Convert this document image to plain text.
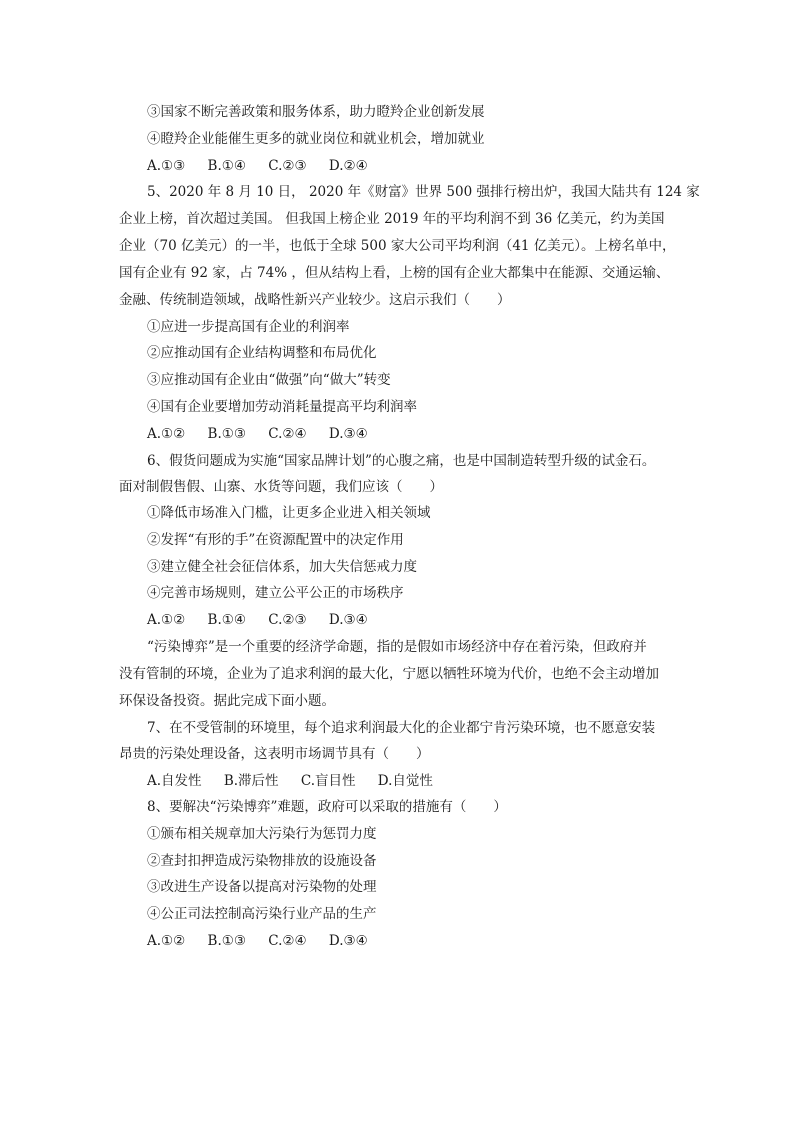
③国家不断完善政策和服务体系，助力瞪羚企业创新发展
④瞪羚企业能催生更多的就业岗位和就业机会，增加就业
A.①③ B.①④ C.②③ D.②④
5、2020 年 8 月 10 日， 2020 年《财富》世界 500 强排行榜出炉，我国大陆共有 124 家
企业上榜，首次超过美国。 但我国上榜企业 2019 年的平均利润不到 36 亿美元，约为美国
企业（70 亿美元）的一半，也低于全球 500 家大公司平均利润（41 亿美元）。上榜名单中，
国有企业有 92 家，占 74% ，但从结构上看，上榜的国有企业大都集中在能源、交通运输、
金融、传统制造领域，战略性新兴产业较少。这启示我们（　　）
①应进一步提高国有企业的利润率
②应推动国有企业结构调整和布局优化
③应推动国有企业由“做强”向“做大”转变
④国有企业要增加劳动消耗量提高平均利润率
A.①② B.①③ C.②④ D.③④
6、假货问题成为实施“国家品牌计划”的心腹之痛，也是中国制造转型升级的试金石。
面对制假售假、山寨、水货等问题，我们应该（　　）
①降低市场准入门槛，让更多企业进入相关领域
②发挥“有形的手”在资源配置中的决定作用
③建立健全社会征信体系，加大失信惩戒力度
④完善市场规则，建立公平公正的市场秩序
A.①② B.①④ C.②③ D.③④
“污染博弈”是一个重要的经济学命题，指的是假如市场经济中存在着污染，但政府并
没有管制的环境，企业为了追求利润的最大化，宁愿以牺牲环境为代价，也绝不会主动增加
环保设备投资。据此完成下面小题。
7、在不受管制的环境里，每个追求利润最大化的企业都宁肯污染环境，也不愿意安装
昂贵的污染处理设备，这表明市场调节具有（　　）
A.自发性 B.滞后性 C.盲目性 D.自觉性
8、要解决“污染博弈”难题，政府可以采取的措施有（　　）
①颁布相关规章加大污染行为惩罚力度
②查封扣押造成污染物排放的设施设备
③改进生产设备以提高对污染物的处理
④公正司法控制高污染行业产品的生产
A.①② B.①③ C.②④ D.③④
